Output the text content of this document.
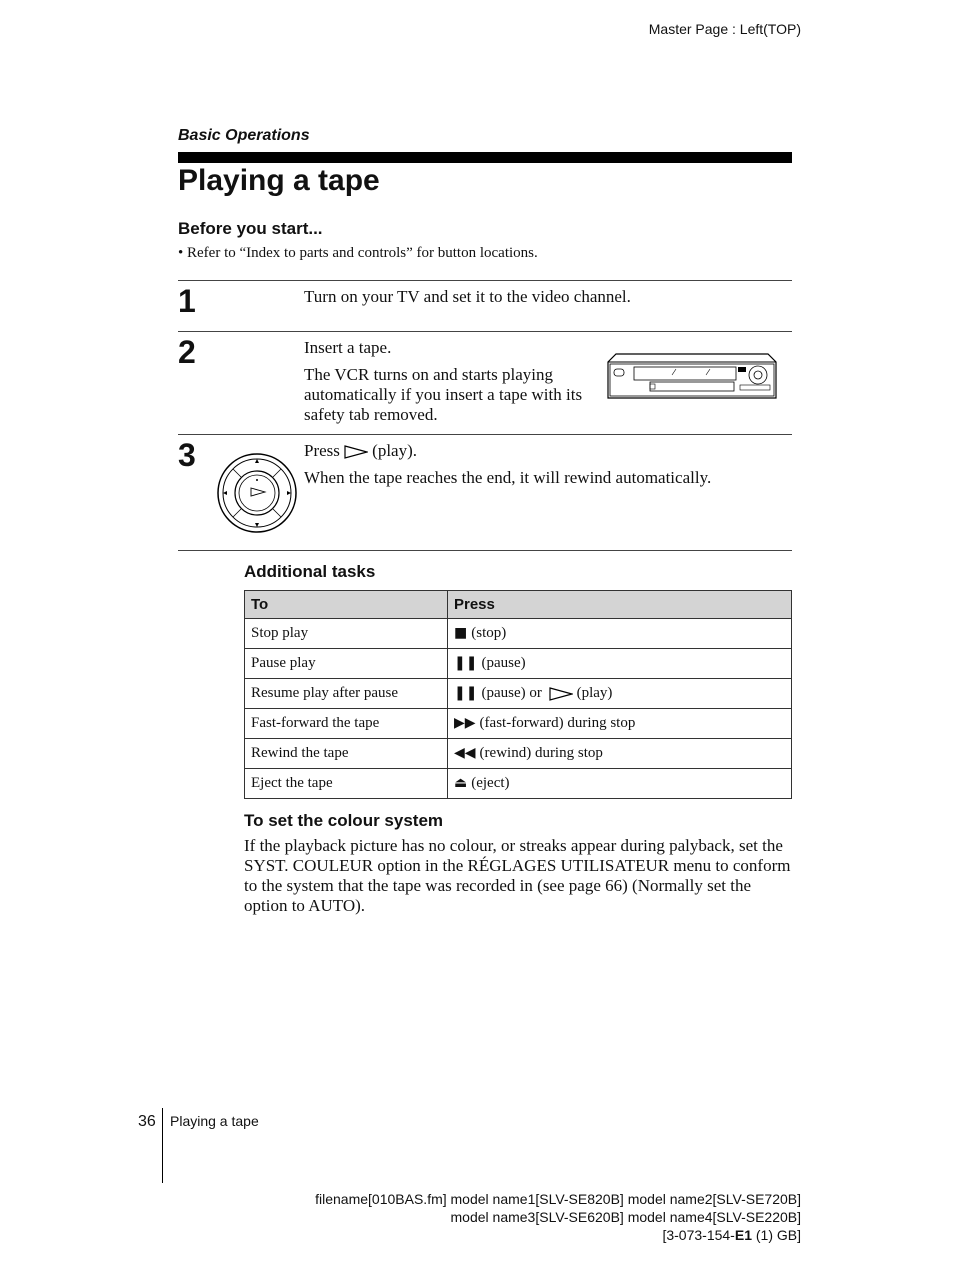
Master Page : Left(TOP)
Basic Operations
Playing a tape
Before you start...
• Refer to “Index to parts and controls” for button locations.
1	Turn on your TV and set it to the video channel.
2	Insert a tape.
The VCR turns on and starts playing automatically if you insert a tape with its safety tab removed.
3	Press (play).
When the tape reaches the end, it will rewind automatically.
Additional tasks
To	Press
Stop play	■ (stop)
Pause play	❚❚ (pause)
Resume play after pause	❚❚ (pause) or (play)
Fast-forward the tape	▶▶ (fast-forward) during stop
Rewind the tape	◀◀ (rewind) during stop
Eject the tape	⏏ (eject)
To set the colour system
If the playback picture has no colour, or streaks appear during palyback, set the SYST. COULEUR option in the RÉGLAGES UTILISATEUR menu to conform to the system that the tape was recorded in (see page 66) (Normally set the option to AUTO).
36 Playing a tape
filename[010BAS.fm] model name1[SLV-SE820B] model name2[SLV-SE720B]
model name3[SLV-SE620B] model name4[SLV-SE220B]
[3-073-154-E1 (1) GB]
